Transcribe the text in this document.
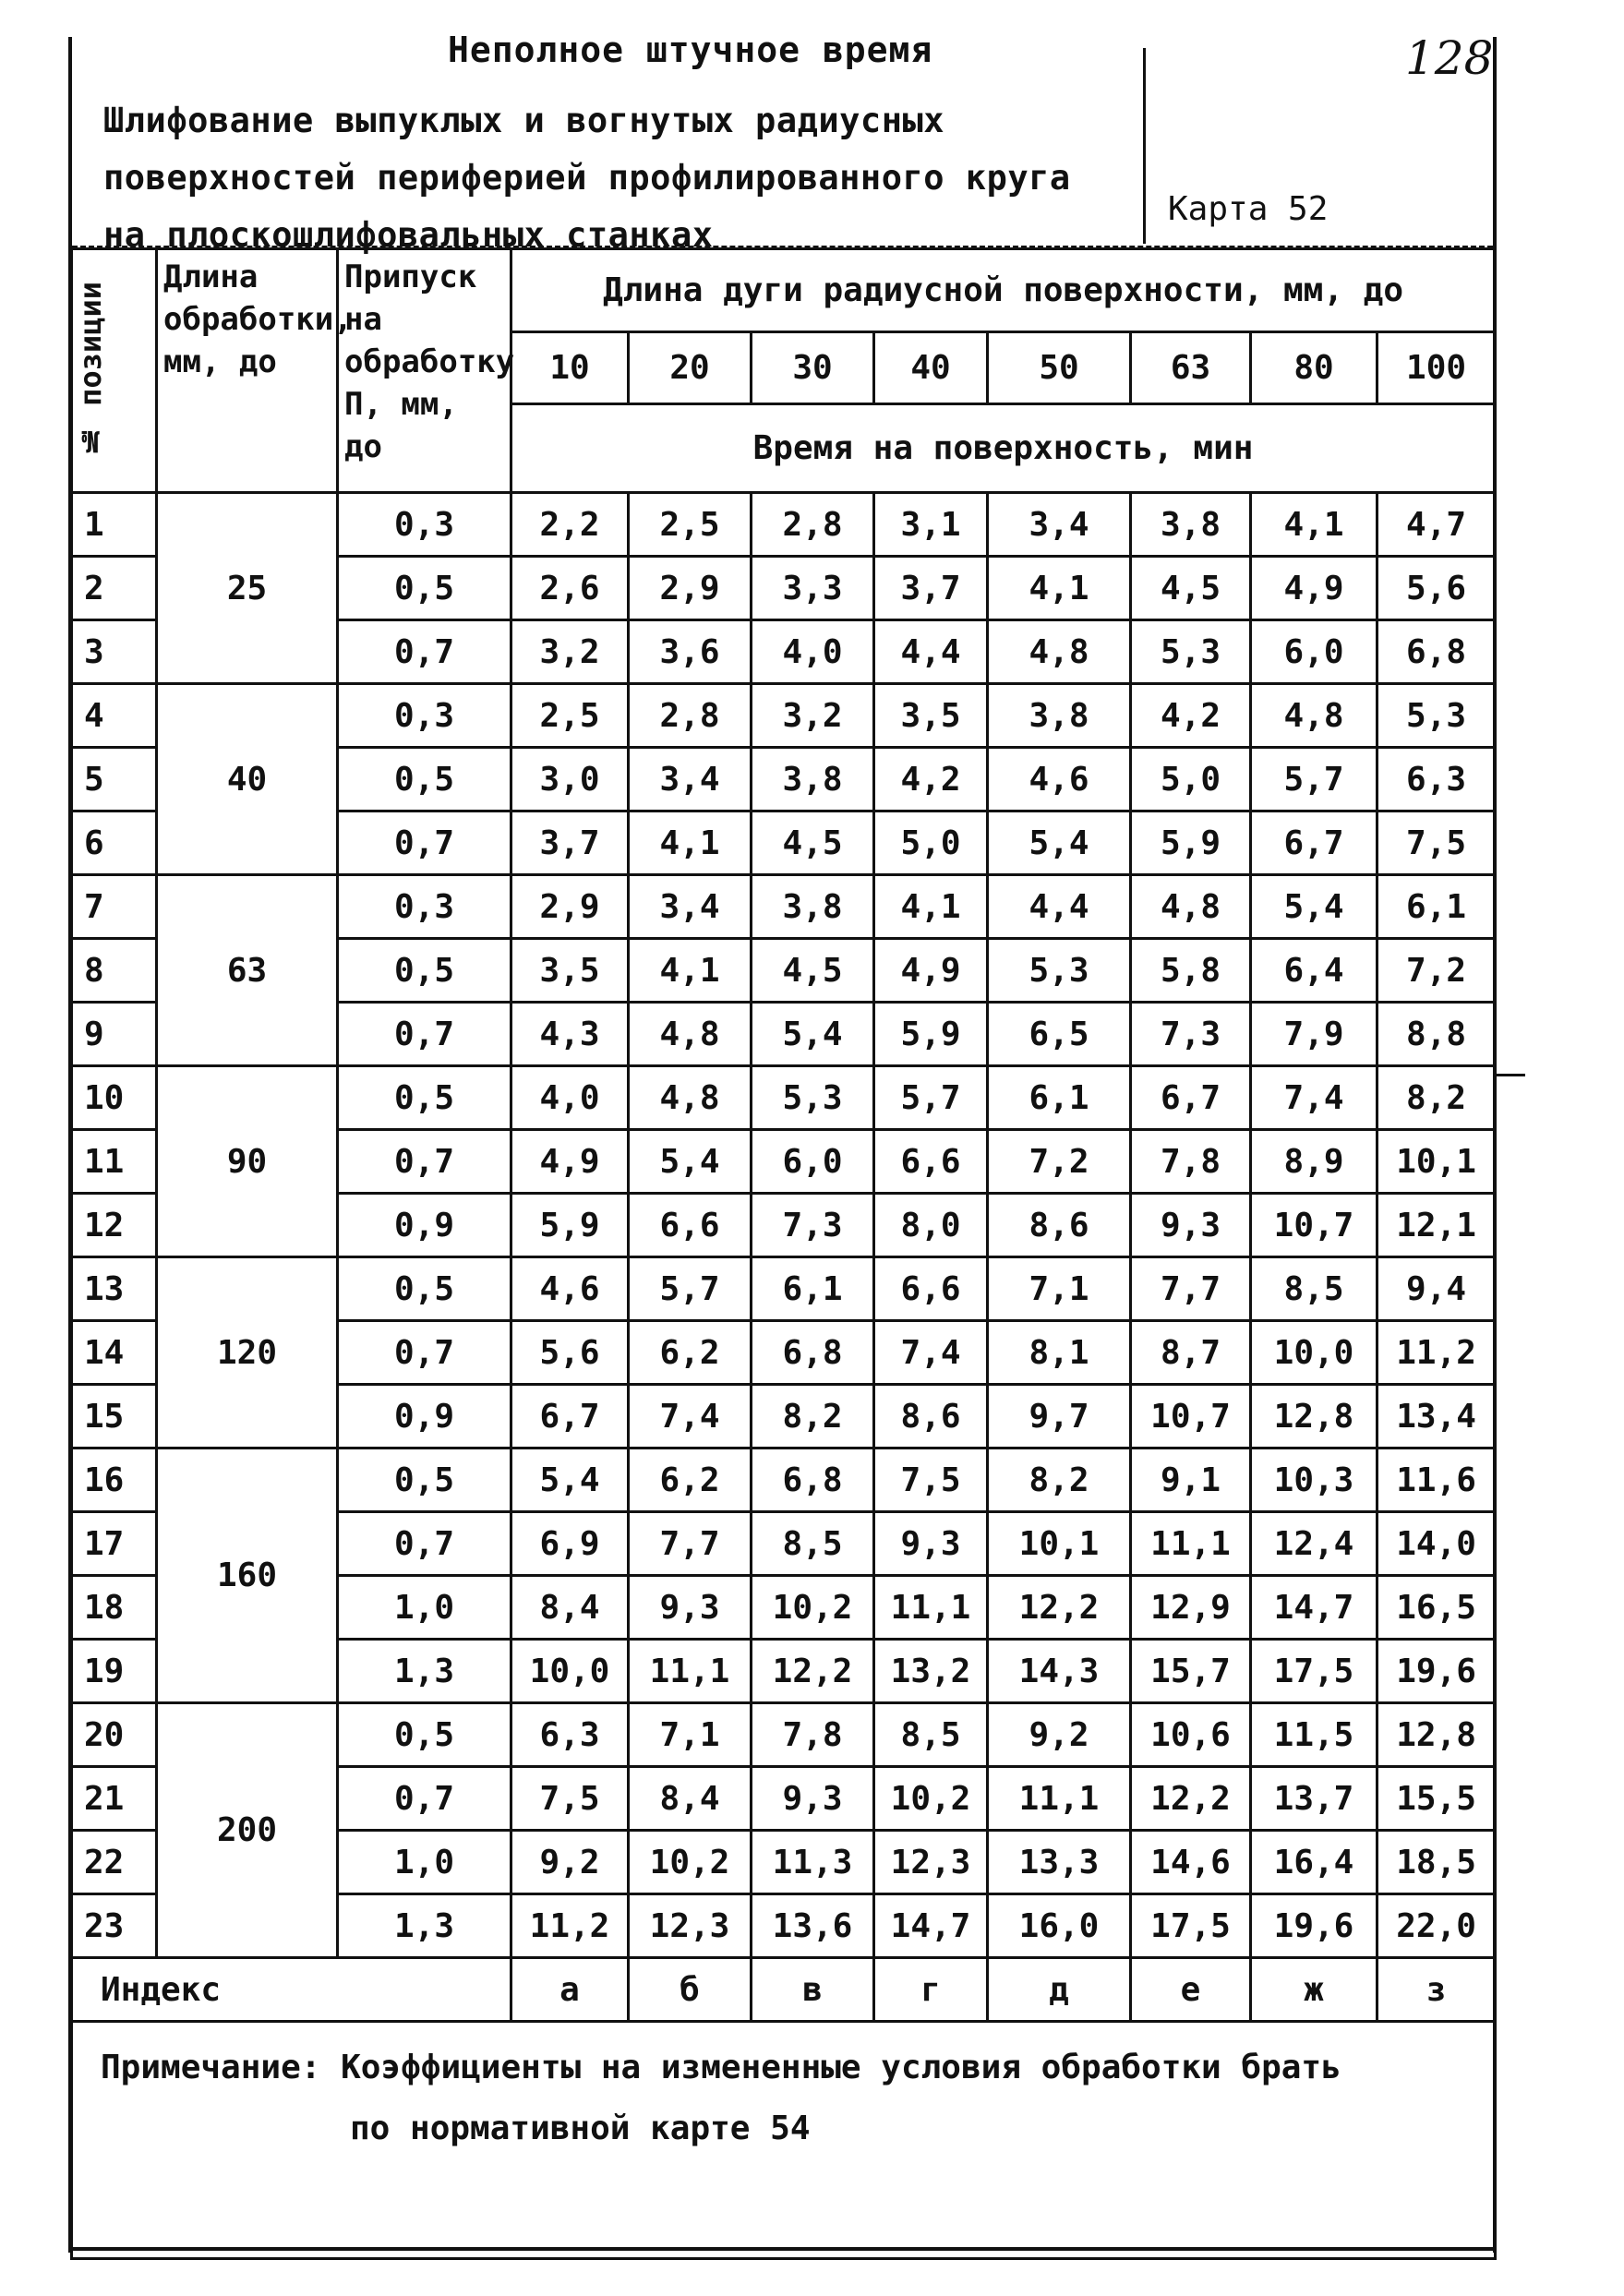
Неполное штучное время
Шлифование выпуклых и вогнутых радиусных поверхностей периферией профилированного круга на плоскошлифовальных станках
128
Карта 52
№ позиции	Длина обработки, мм, до	Припуск на обработку П, мм, до	Длина дуги радиусной поверхности, мм, до							
			10	20	30	40	50	63	80	100
			Время на поверхность, мин							
1	25	0,3	2,2	2,5	2,8	3,1	3,4	3,8	4,1	4,7
2		0,5	2,6	2,9	3,3	3,7	4,1	4,5	4,9	5,6
3		0,7	3,2	3,6	4,0	4,4	4,8	5,3	6,0	6,8
4	40	0,3	2,5	2,8	3,2	3,5	3,8	4,2	4,8	5,3
5		0,5	3,0	3,4	3,8	4,2	4,6	5,0	5,7	6,3
6		0,7	3,7	4,1	4,5	5,0	5,4	5,9	6,7	7,5
7	63	0,3	2,9	3,4	3,8	4,1	4,4	4,8	5,4	6,1
8		0,5	3,5	4,1	4,5	4,9	5,3	5,8	6,4	7,2
9		0,7	4,3	4,8	5,4	5,9	6,5	7,3	7,9	8,8
10	90	0,5	4,0	4,8	5,3	5,7	6,1	6,7	7,4	8,2
11		0,7	4,9	5,4	6,0	6,6	7,2	7,8	8,9	10,1
12		0,9	5,9	6,6	7,3	8,0	8,6	9,3	10,7	12,1
13	120	0,5	4,6	5,7	6,1	6,6	7,1	7,7	8,5	9,4
14		0,7	5,6	6,2	6,8	7,4	8,1	8,7	10,0	11,2
15		0,9	6,7	7,4	8,2	8,6	9,7	10,7	12,8	13,4
16	160	0,5	5,4	6,2	6,8	7,5	8,2	9,1	10,3	11,6
17		0,7	6,9	7,7	8,5	9,3	10,1	11,1	12,4	14,0
18		1,0	8,4	9,3	10,2	11,1	12,2	12,9	14,7	16,5
19		1,3	10,0	11,1	12,2	13,2	14,3	15,7	17,5	19,6
20	200	0,5	6,3	7,1	7,8	8,5	9,2	10,6	11,5	12,8
21		0,7	7,5	8,4	9,3	10,2	11,1	12,2	13,7	15,5
22		1,0	9,2	10,2	11,3	12,3	13,3	14,6	16,4	18,5
23		1,3	11,2	12,3	13,6	14,7	16,0	17,5	19,6	22,0
Индекс			а	б	в	г	д	е	ж	з

Примечание: Коэффициенты на измененные условия обработки брать
по нормативной карте 54										
